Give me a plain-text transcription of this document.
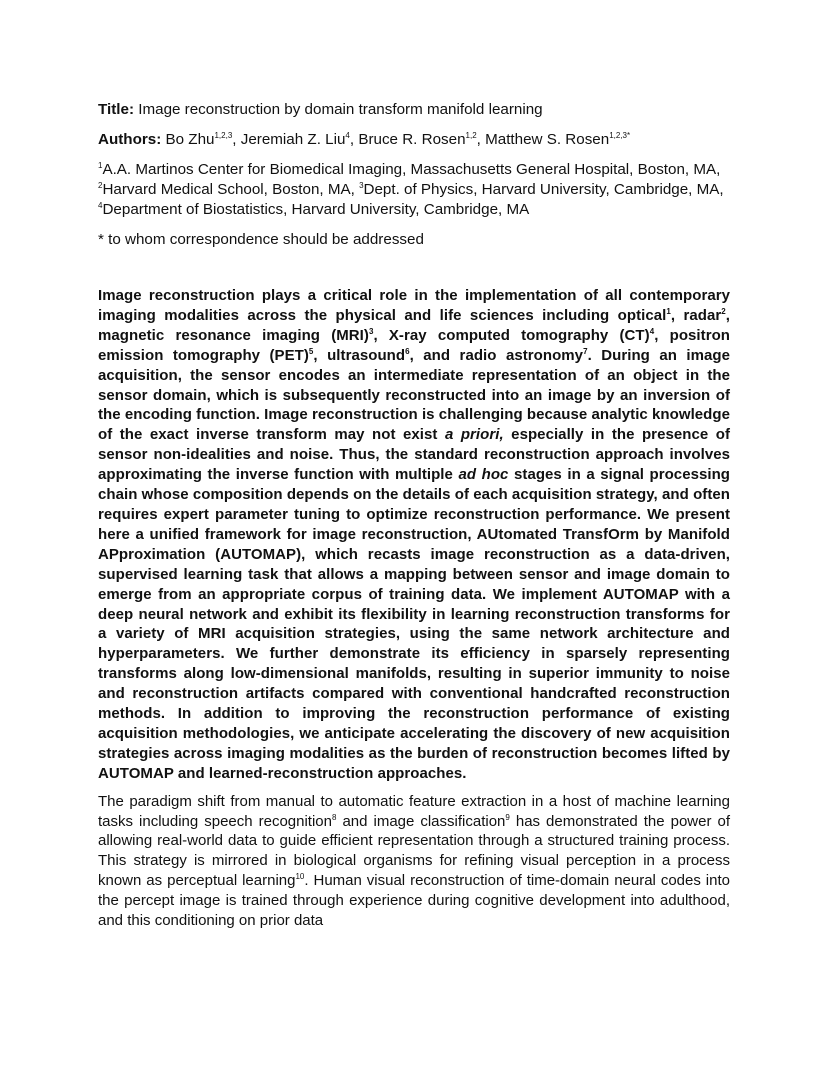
Title: Image reconstruction by domain transform manifold learning

Authors: Bo Zhu$^{1,2,3}$, Jeremiah Z. Liu$^4$, Bruce R. Rosen$^{1,2}$, Matthew S. Rosen$^{1,2,3*}$

$^1$A.A. Martinos Center for Biomedical Imaging, Massachusetts General Hospital, Boston, MA, $^2$Harvard Medical School, Boston, MA, $^3$Dept. of Physics, Harvard University, Cambridge, MA, $^4$Department of Biostatistics, Harvard University, Cambridge, MA

* to whom correspondence should be addressed

Image reconstruction plays a critical role in the implementation of all contemporary imaging modalities across the physical and life sciences including optical$^1$, radar$^2$, magnetic resonance imaging (MRI)$^3$, X-ray computed tomography (CT)$^4$, positron emission tomography (PET)$^5$, ultrasound$^6$, and radio astronomy$^7$. During an image acquisition, the sensor encodes an intermediate representation of an object in the sensor domain, which is subsequently reconstructed into an image by an inversion of the encoding function. Image reconstruction is challenging because analytic knowledge of the exact inverse transform may not exist a priori, especially in the presence of sensor non-idealities and noise. Thus, the standard reconstruction approach involves approximating the inverse function with multiple ad hoc stages in a signal processing chain whose composition depends on the details of each acquisition strategy, and often requires expert parameter tuning to optimize reconstruction performance. We present here a unified framework for image reconstruction, AUtomated TransfOrm by Manifold APproximation (AUTOMAP), which recasts image reconstruction as a data-driven, supervised learning task that allows a mapping between sensor and image domain to emerge from an appropriate corpus of training data. We implement AUTOMAP with a deep neural network and exhibit its flexibility in learning reconstruction transforms for a variety of MRI acquisition strategies, using the same network architecture and hyperparameters. We further demonstrate its efficiency in sparsely representing transforms along low-dimensional manifolds, resulting in superior immunity to noise and reconstruction artifacts compared with conventional handcrafted reconstruction methods. In addition to improving the reconstruction performance of existing acquisition methodologies, we anticipate accelerating the discovery of new acquisition strategies across imaging modalities as the burden of reconstruction becomes lifted by AUTOMAP and learned-reconstruction approaches.

The paradigm shift from manual to automatic feature extraction in a host of machine learning tasks including speech recognition$^8$ and image classification$^9$ has demonstrated the power of allowing real-world data to guide efficient representation through a structured training process. This strategy is mirrored in biological organisms for refining visual perception in a process known as perceptual learning$^{10}$. Human visual reconstruction of time-domain neural codes into the percept image is trained through experience during cognitive development into adulthood, and this conditioning on prior data
